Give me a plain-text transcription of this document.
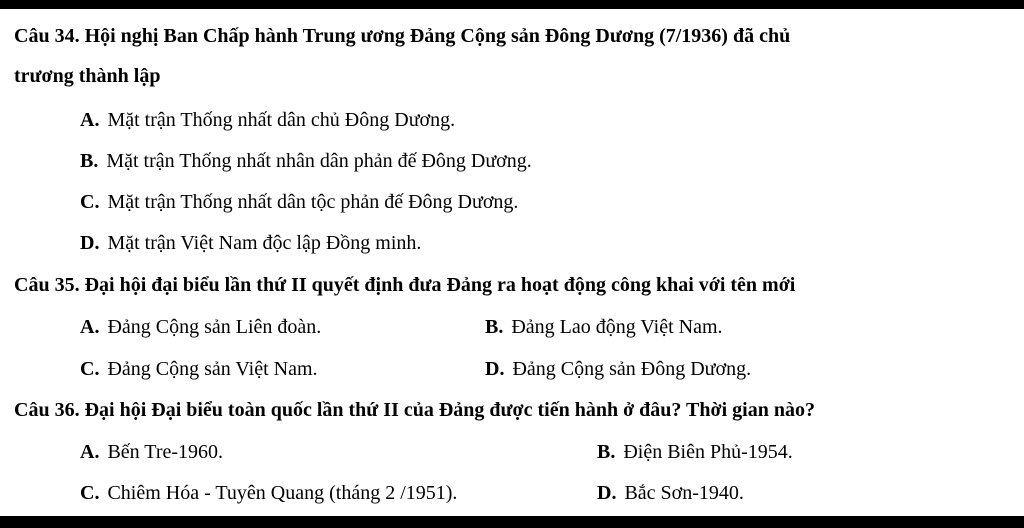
Câu 34. Hội nghị Ban Chấp hành Trung ương Đảng Cộng sản Đông Dương (7/1936) đã chủ
trương thành lập
A. Mặt trận Thống nhất dân chủ Đông Dương.
B. Mặt trận Thống nhất nhân dân phản đế Đông Dương.
C. Mặt trận Thống nhất dân tộc phản đế Đông Dương.
D. Mặt trận Việt Nam độc lập Đồng minh.
Câu 35. Đại hội đại biểu lần thứ II quyết định đưa Đảng ra hoạt động công khai với tên mới
A. Đảng Cộng sản Liên đoàn.	B. Đảng Lao động Việt Nam.
C. Đảng Cộng sản Việt Nam.	D. Đảng Cộng sản Đông Dương.
Câu 36. Đại hội Đại biểu toàn quốc lần thứ II của Đảng được tiến hành ở đâu? Thời gian nào?
A. Bến Tre-1960.	B. Điện Biên Phủ-1954.
C. Chiêm Hóa - Tuyên Quang (tháng 2 /1951).	D. Bắc Sơn-1940.
